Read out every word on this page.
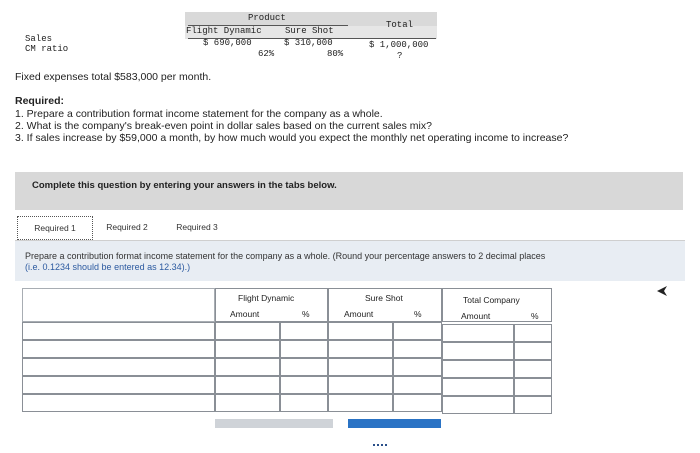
Product
Flight Dynamic	Sure Shot
Total
Sales	$ 690,000	$ 310,000	$ 1,000,000
CM ratio	62%	80%	?
Fixed expenses total $583,000 per month.
Required:
1. Prepare a contribution format income statement for the company as a whole.
2. What is the company's break-even point in dollar sales based on the current sales mix?
3. If sales increase by $59,000 a month, by how much would you expect the monthly net operating income to increase?
Complete this question by entering your answers in the tabs below.
Required 1	Required 2	Required 3
Prepare a contribution format income statement for the company as a whole. (Round your percentage answers to 2 decimal places
(i.e. 0.1234 should be entered as 12.34).)
Flight Dynamic	Sure Shot	Total Company
Amount	%	Amount	%	Amount	%
